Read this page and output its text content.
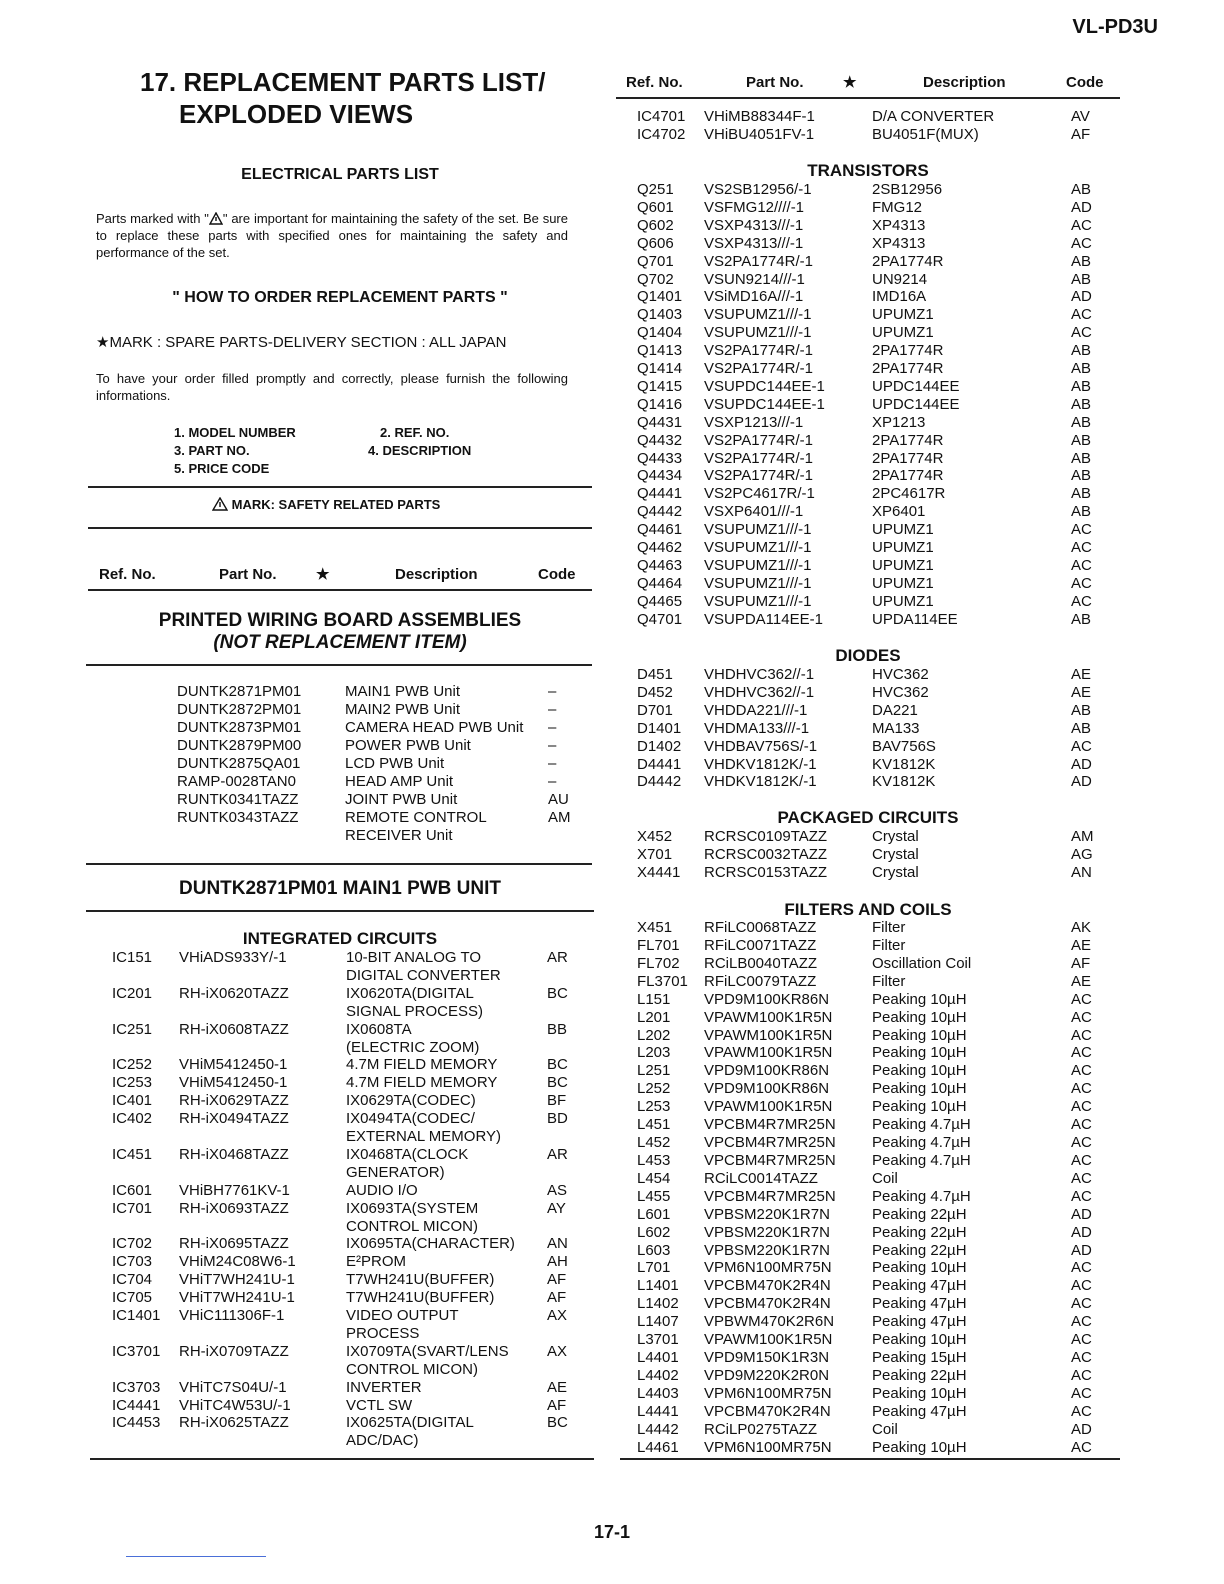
VL-PD3U
17. REPLACEMENT PARTS LIST/
EXPLODED VIEWS
ELECTRICAL PARTS LIST
Parts marked with " " are important for maintaining the safety of the set. Be sure to replace these parts with specified ones for maintaining the safety and performance of the set.
" HOW TO ORDER REPLACEMENT PARTS "
★MARK : SPARE PARTS-DELIVERY SECTION : ALL JAPAN
To have your order filled promptly and correctly, please furnish the following informations.
1. MODEL NUMBER	2. REF. NO.
3. PART NO.	4. DESCRIPTION
5. PRICE CODE
MARK: SAFETY RELATED PARTS
Ref. No.	Part No.	★	Description	Code
PRINTED WIRING BOARD ASSEMBLIES
(NOT REPLACEMENT ITEM)
DUNTK2871PM01	MAIN1 PWB Unit	–
DUNTK2872PM01	MAIN2 PWB Unit	–
DUNTK2873PM01	CAMERA HEAD PWB Unit –
DUNTK2879PM00	POWER PWB Unit	–
DUNTK2875QA01	LCD PWB Unit	–
RAMP-0028TAN0	HEAD AMP Unit	–
RUNTK0341TAZZ	JOINT PWB Unit	AU
RUNTK0343TAZZ	REMOTE CONTROL	AM
RECEIVER Unit
DUNTK2871PM01 MAIN1 PWB UNIT
INTEGRATED CIRCUITS
IC151 VHiADS933Y/-1	10-BIT ANALOG TO	AR
DIGITAL CONVERTER
IC201 RH-iX0620TAZZ	IX0620TA(DIGITAL	BC
SIGNAL PROCESS)
IC251 RH-iX0608TAZZ	IX0608TA	BB
(ELECTRIC ZOOM)
IC252 VHiM5412450-1	4.7M FIELD MEMORY	BC
IC253 VHiM5412450-1	4.7M FIELD MEMORY	BC
IC401 RH-iX0629TAZZ	IX0629TA(CODEC)	BF
IC402 RH-iX0494TAZZ	IX0494TA(CODEC/	BD
EXTERNAL MEMORY)
IC451 RH-iX0468TAZZ	IX0468TA(CLOCK	AR
GENERATOR)
IC601 VHiBH7761KV-1	AUDIO I/O	AS
IC701 RH-iX0693TAZZ	IX0693TA(SYSTEM	AY
CONTROL MICON)
IC702 RH-iX0695TAZZ	IX0695TA(CHARACTER) AN
IC703 VHiM24C08W6-1	E²PROM	AH
IC704 VHiT7WH241U-1	T7WH241U(BUFFER)	AF
IC705 VHiT7WH241U-1	T7WH241U(BUFFER)	AF
IC1401 VHiC111306F-1	VIDEO OUTPUT	AX
PROCESS
IC3701 RH-iX0709TAZZ	IX0709TA(SVART/LENS	AX
CONTROL MICON)
IC3703 VHiTC7S04U/-1	INVERTER	AE
IC4441 VHiTC4W53U/-1	VCTL SW	AF
IC4453 RH-iX0625TAZZ	IX0625TA(DIGITAL	BC
ADC/DAC)
Ref. No.	Part No.	★	Description	Code
IC4701 VHiMB88344F-1	D/A CONVERTER	AV
IC4702 VHiBU4051FV-1	BU4051F(MUX)	AF
TRANSISTORS
Q251 VS2SB12956/-1	2SB12956	AB
Q601 VSFMG12////-1	FMG12	AD
Q602 VSXP4313///-1	XP4313	AC
Q606 VSXP4313///-1	XP4313	AC
Q701 VS2PA1774R/-1	2PA1774R	AB
Q702 VSUN9214///-1	UN9214	AB
Q1401 VSiMD16A///-1	IMD16A	AD
Q1403 VSUPUMZ1///-1	UPUMZ1	AC
Q1404 VSUPUMZ1///-1	UPUMZ1	AC
Q1413 VS2PA1774R/-1	2PA1774R	AB
Q1414 VS2PA1774R/-1	2PA1774R	AB
Q1415 VSUPDC144EE-1	UPDC144EE	AB
Q1416 VSUPDC144EE-1	UPDC144EE	AB
Q4431 VSXP1213///-1	XP1213	AB
Q4432 VS2PA1774R/-1	2PA1774R	AB
Q4433 VS2PA1774R/-1	2PA1774R	AB
Q4434 VS2PA1774R/-1	2PA1774R	AB
Q4441 VS2PC4617R/-1	2PC4617R	AB
Q4442 VSXP6401///-1	XP6401	AB
Q4461 VSUPUMZ1///-1	UPUMZ1	AC
Q4462 VSUPUMZ1///-1	UPUMZ1	AC
Q4463 VSUPUMZ1///-1	UPUMZ1	AC
Q4464 VSUPUMZ1///-1	UPUMZ1	AC
Q4465 VSUPUMZ1///-1	UPUMZ1	AC
Q4701 VSUPDA114EE-1	UPDA114EE	AB
DIODES
D451 VHDHVC362//-1	HVC362	AE
D452 VHDHVC362//-1	HVC362	AE
D701 VHDDA221///-1	DA221	AB
D1401 VHDMA133///-1	MA133	AB
D1402 VHDBAV756S/-1	BAV756S	AC
D4441 VHDKV1812K/-1	KV1812K	AD
D4442 VHDKV1812K/-1	KV1812K	AD
PACKAGED CIRCUITS
X452 RCRSC0109TAZZ	Crystal	AM
X701 RCRSC0032TAZZ	Crystal	AG
X4441 RCRSC0153TAZZ	Crystal	AN
FILTERS AND COILS
X451 RFiLC0068TAZZ	Filter	AK
FL701 RFiLC0071TAZZ	Filter	AE
FL702 RCiLB0040TAZZ	Oscillation Coil	AF
FL3701 RFiLC0079TAZZ	Filter	AE
L151 VPD9M100KR86N	Peaking 10µH	AC
L201 VPAWM100K1R5N	Peaking 10µH	AC
L202 VPAWM100K1R5N	Peaking 10µH	AC
L203 VPAWM100K1R5N	Peaking 10µH	AC
L251 VPD9M100KR86N	Peaking 10µH	AC
L252 VPD9M100KR86N	Peaking 10µH	AC
L253 VPAWM100K1R5N	Peaking 10µH	AC
L451 VPCBM4R7MR25N Peaking 4.7µH	AC
L452 VPCBM4R7MR25N Peaking 4.7µH	AC
L453 VPCBM4R7MR25N Peaking 4.7µH	AC
L454 RCiLC0014TAZZ	Coil	AC
L455 VPCBM4R7MR25N Peaking 4.7µH	AC
L601 VPBSM220K1R7N	Peaking 22µH	AD
L602 VPBSM220K1R7N	Peaking 22µH	AD
L603 VPBSM220K1R7N	Peaking 22µH	AD
L701 VPM6N100MR75N	Peaking 10µH	AC
L1401 VPCBM470K2R4N	Peaking 47µH	AC
L1402 VPCBM470K2R4N	Peaking 47µH	AC
L1407 VPBWM470K2R6N	Peaking 47µH	AC
L3701 VPAWM100K1R5N	Peaking 10µH	AC
L4401 VPD9M150K1R3N	Peaking 15µH	AC
L4402 VPD9M220K2R0N	Peaking 22µH	AC
L4403 VPM6N100MR75N	Peaking 10µH	AC
L4441 VPCBM470K2R4N	Peaking 47µH	AC
L4442 RCiLP0275TAZZ	Coil	AD
L4461 VPM6N100MR75N	Peaking 10µH	AC
17-1
